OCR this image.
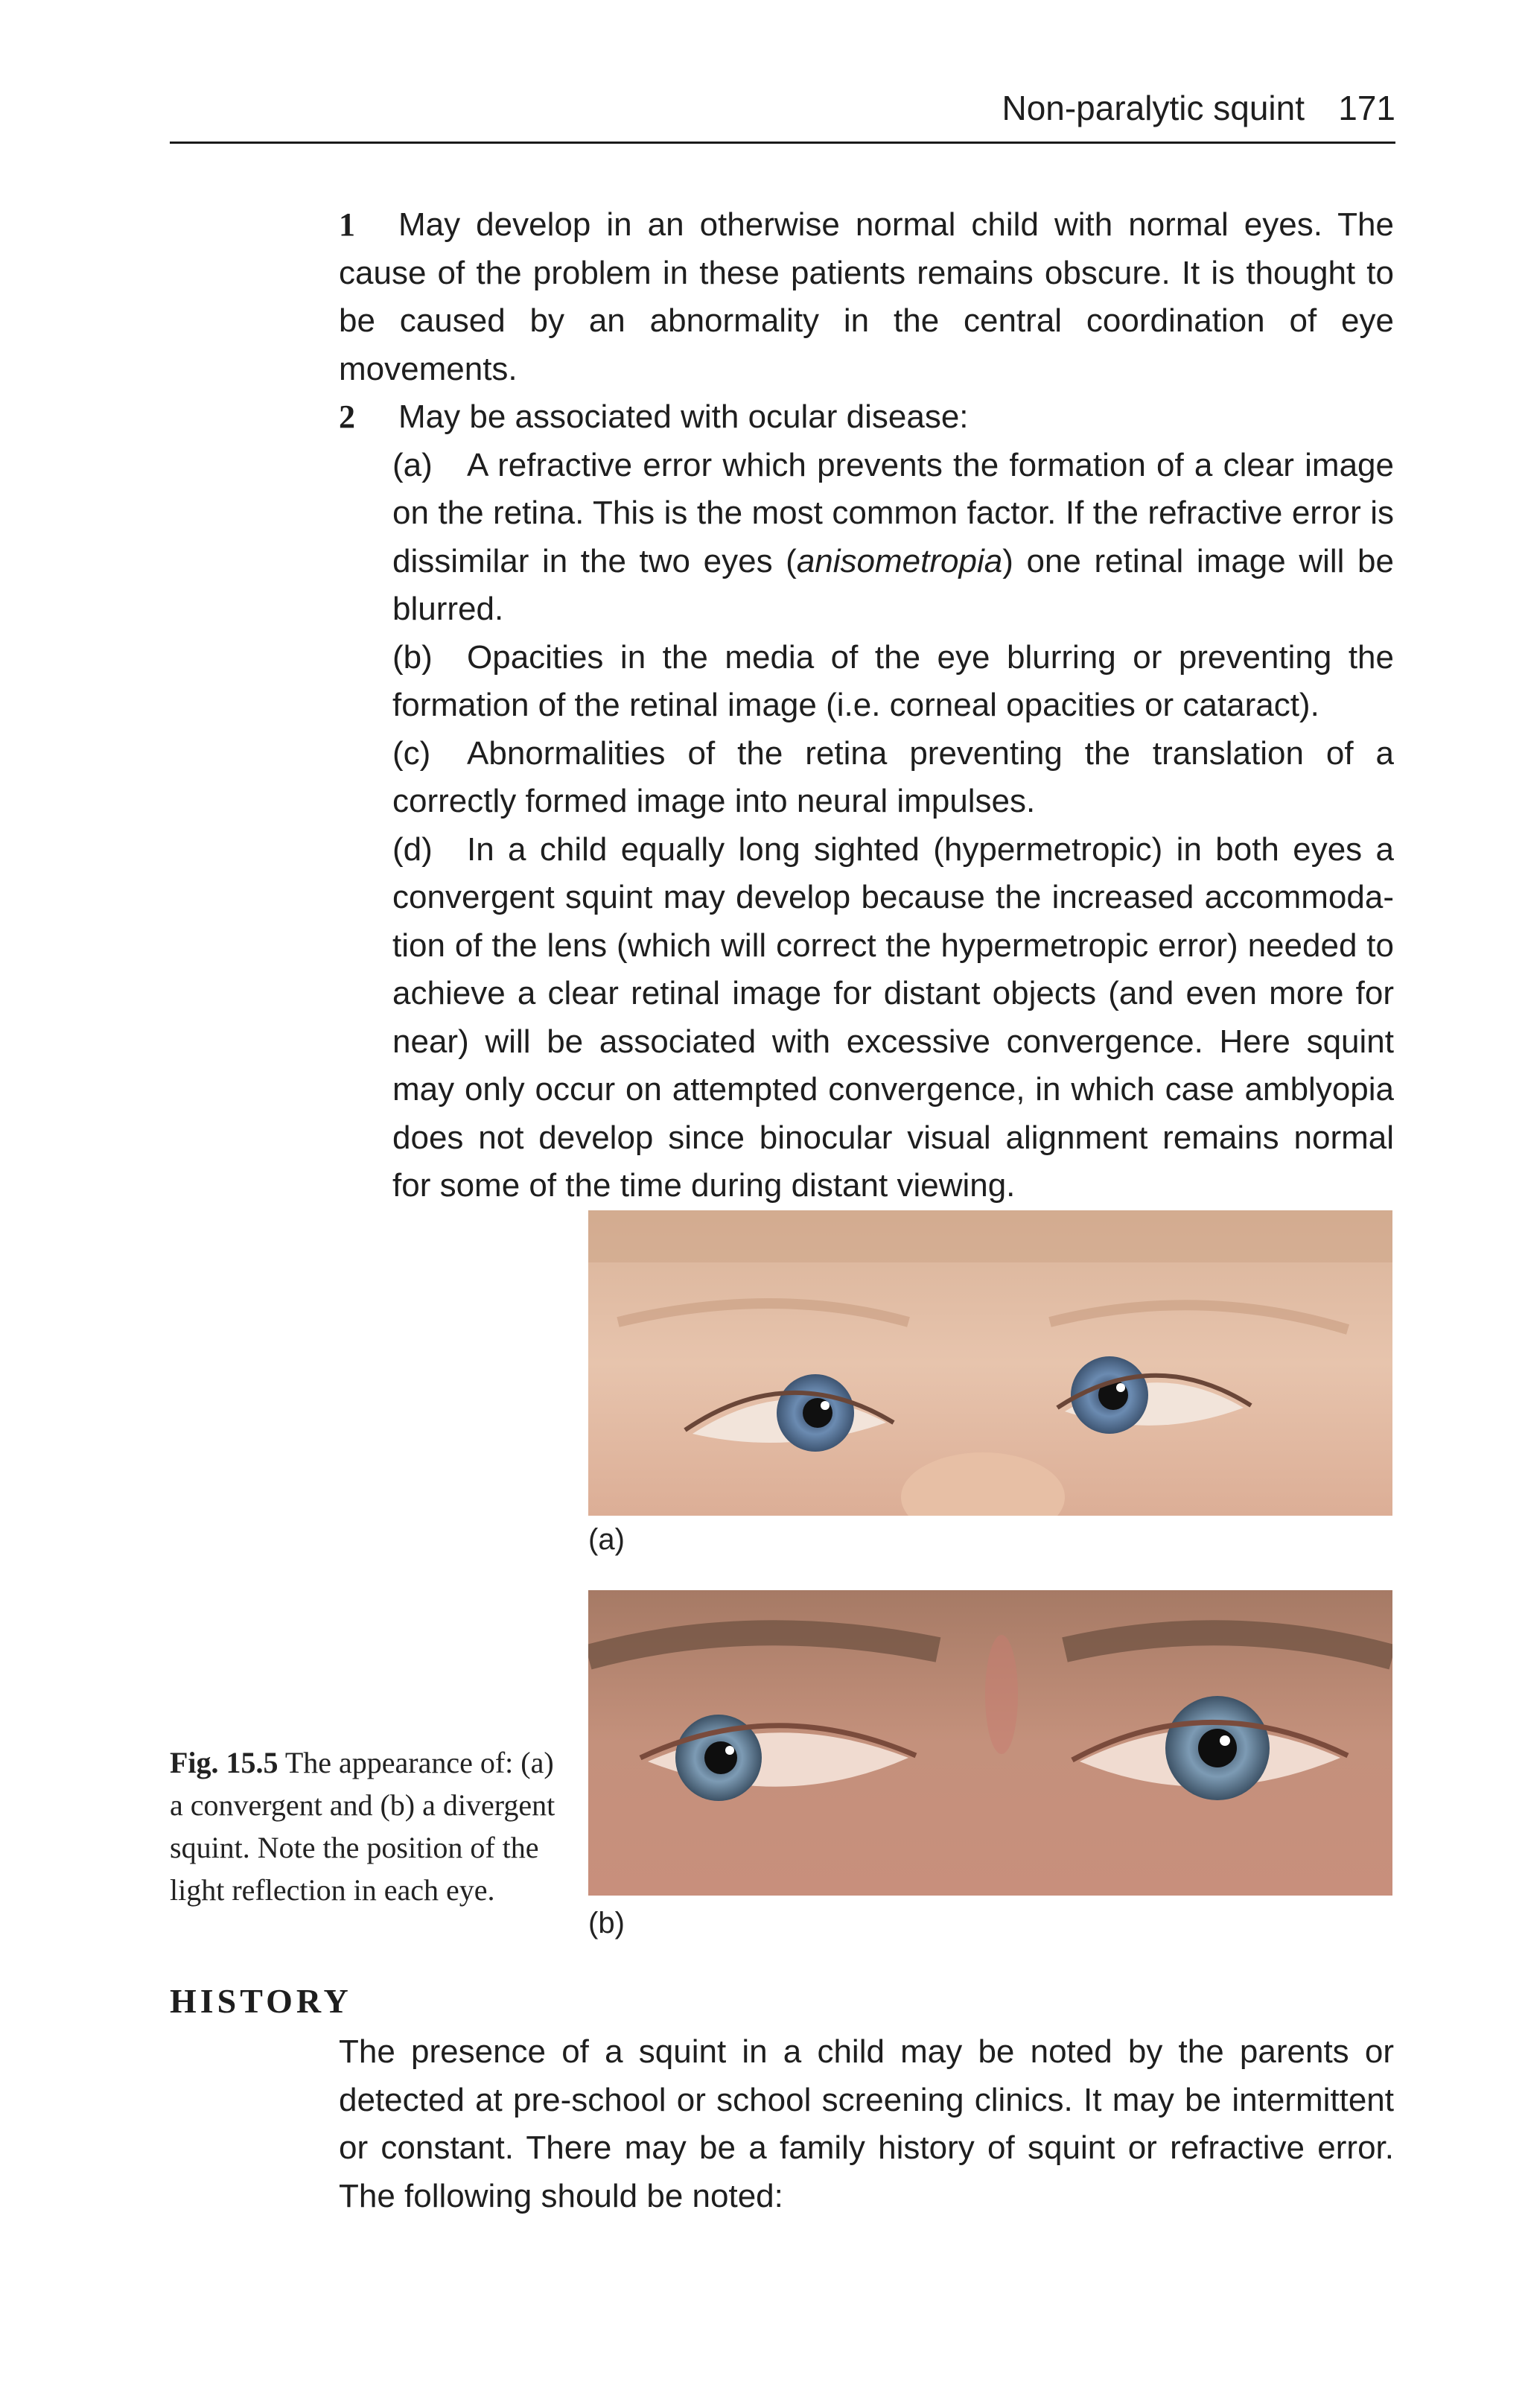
Non-paralytic squint 171

1 May develop in an otherwise normal child with normal eyes. The cause of the problem in these patients remains obscure. It is thought to be caused by an abnormality in the central coordination of eye movements.

2 May be associated with ocular disease:

(a) A refractive error which prevents the formation of a clear image on the retina. This is the most common factor. If the refractive error is dissimilar in the two eyes (anisometropia) one retinal image will be blurred.

(b) Opacities in the media of the eye blurring or preventing the formation of the retinal image (i.e. corneal opacities or cataract).

(c) Abnormalities of the retina preventing the translation of a correctly formed image into neural impulses.

(d) In a child equally long sighted (hypermetropic) in both eyes a convergent squint may develop because the increased accommoda-tion of the lens (which will correct the hypermetropic error) needed to achieve a clear retinal image for distant objects (and even more for near) will be associated with excessive convergence. Here squint may only occur on attempted convergence, in which case amblyopia does not develop since binocular visual alignment remains normal for some of the time during distant viewing.

(a)
(b)
Fig. 15.5 The appearance of: (a) a convergent and (b) a divergent squint. Note the position of the light reflection in each eye.
HISTORY

The presence of a squint in a child may be noted by the parents or detected at pre-school or school screening clinics. It may be intermittent or constant. There may be a family history of squint or refractive error. The following should be noted:
